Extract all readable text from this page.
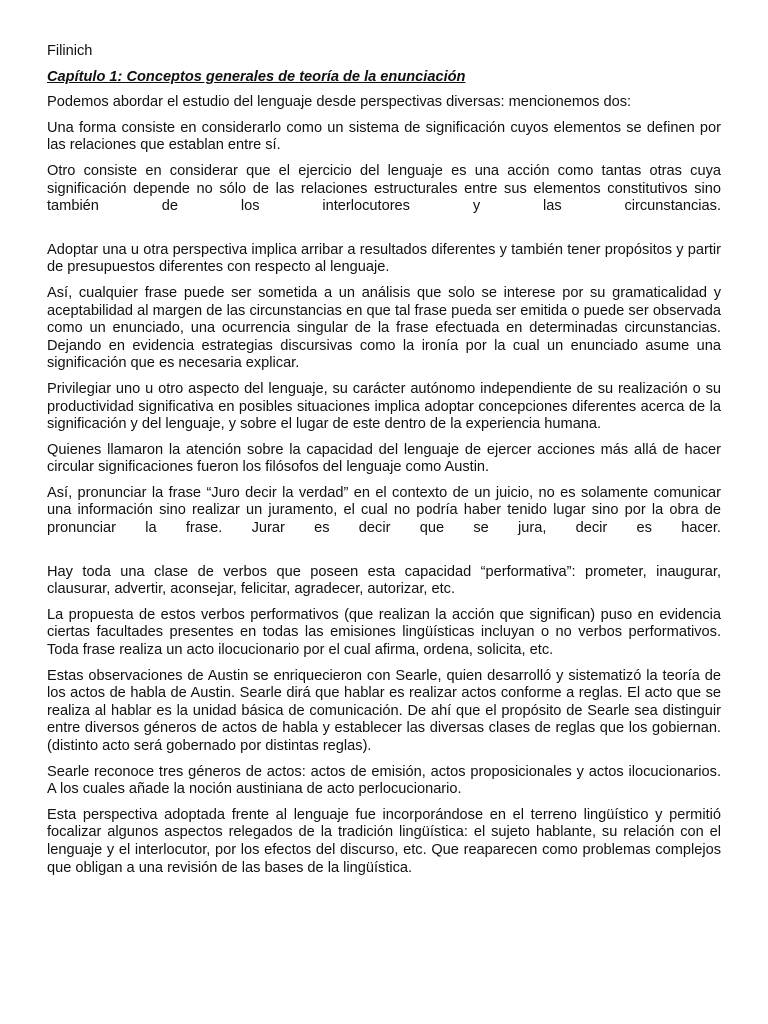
Filinich

Capítulo 1: Conceptos generales de teoría de la enunciación

Podemos abordar el estudio del lenguaje desde perspectivas diversas: mencionemos dos:

Una forma consiste en considerarlo como un sistema de significación cuyos elementos se definen por las relaciones que establan entre sí.

Otro consiste en considerar que el ejercicio del lenguaje es una acción como tantas otras cuya significación depende no sólo de las relaciones estructurales entre sus elementos constitutivos sino también de los interlocutores y las circunstancias.

Adoptar una u otra perspectiva implica arribar a resultados diferentes y también tener propósitos y partir de presupuestos diferentes con respecto al lenguaje.

Así, cualquier frase puede ser sometida a un análisis que solo se interese por su gramaticalidad y aceptabilidad al margen de las circunstancias en que tal frase pueda ser emitida o puede ser observada como un enunciado, una ocurrencia singular de la frase efectuada en determinadas circunstancias. Dejando en evidencia estrategias discursivas como la ironía por la cual un enunciado asume una significación que es necesaria explicar.

Privilegiar uno u otro aspecto del lenguaje, su carácter autónomo independiente de su realización o su productividad significativa en posibles situaciones implica adoptar concepciones diferentes acerca de la significación y del lenguaje, y sobre el lugar de este dentro de la experiencia humana.

Quienes llamaron la atención sobre la capacidad del lenguaje de ejercer acciones más allá de hacer circular significaciones fueron los filósofos del lenguaje como Austin.

Así, pronunciar la frase “Juro decir la verdad” en el contexto de un juicio, no es solamente comunicar una información sino realizar un juramento, el cual no podría haber tenido lugar sino por la obra de pronunciar la frase. Jurar es decir que se jura, decir es hacer.

Hay toda una clase de verbos que poseen esta capacidad “performativa”: prometer, inaugurar, clausurar, advertir, aconsejar, felicitar, agradecer, autorizar, etc.

La propuesta de estos verbos performativos (que realizan la acción que significan) puso en evidencia ciertas facultades presentes en todas las emisiones lingüísticas incluyan o no verbos performativos. Toda frase realiza un acto ilocucionario por el cual afirma, ordena, solicita, etc.

Estas observaciones de Austin se enriquecieron con Searle, quien desarrolló y sistematizó la teoría de los actos de habla de Austin. Searle dirá que hablar es realizar actos conforme a reglas. El acto que se realiza al hablar es la unidad básica de comunicación. De ahí que el propósito de Searle sea distinguir entre diversos géneros de actos de habla y establecer las diversas clases de reglas que los gobiernan. (distinto acto será gobernado por distintas reglas).

Searle reconoce tres géneros de actos: actos de emisión, actos proposicionales y actos ilocucionarios. A los cuales añade la noción austiniana de acto perlocucionario.

Esta perspectiva adoptada frente al lenguaje fue incorporándose en el terreno lingüístico y permitió focalizar algunos aspectos relegados de la tradición lingüística: el sujeto hablante, su relación con el lenguaje y el interlocutor, por los efectos del discurso, etc. Que reaparecen como problemas complejos que obligan a una revisión de las bases de la lingüística.
